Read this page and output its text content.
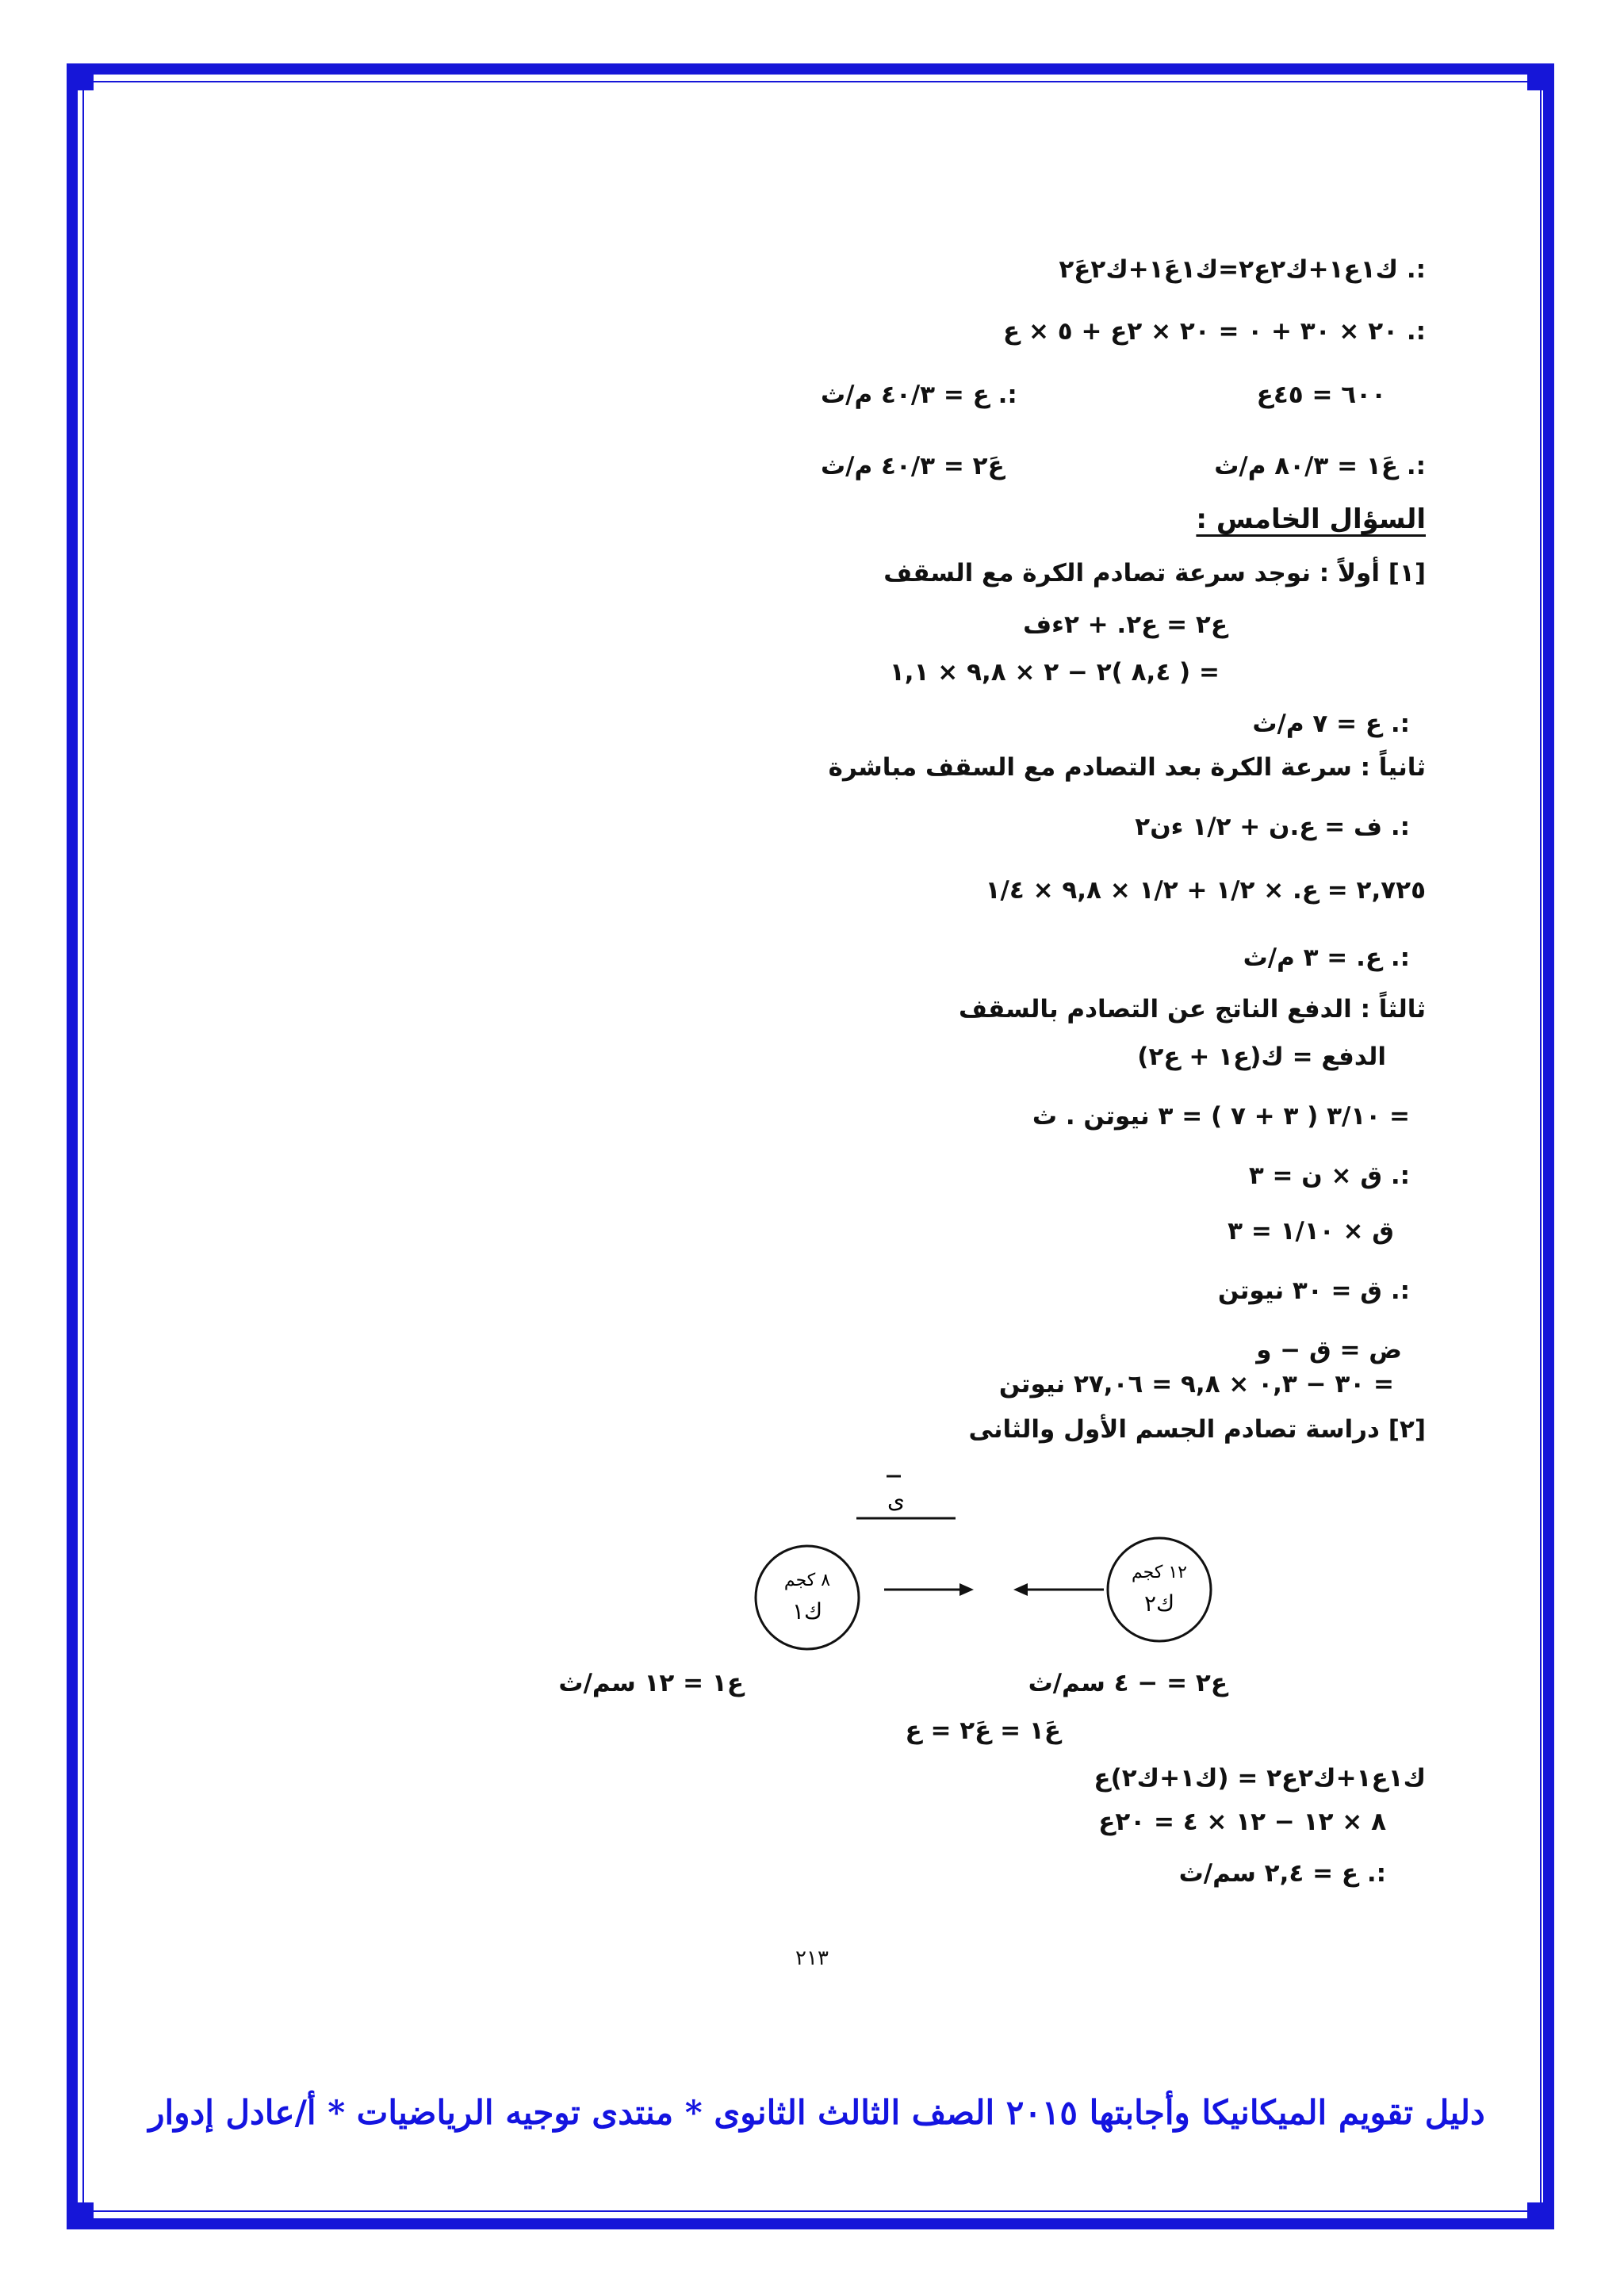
:. ك١ع١+ك٢ع٢=ك١ع١َ+ك٢ع٢َ
:. ٢٠ × ٣٠ + ٠ = ٢٠ × ٢ع + ٥ × ع
٦٠٠ = ٤٥ع
:. ع = ٤٠/٣ م/ث
:. ع١َ = ٨٠/٣ م/ث
ع٢َ = ٤٠/٣ م/ث
السؤال الخامس :
[١] أولاً : نوجد سرعة تصادم الكرة مع السقف
ع٢ = ع٢. + ٢ءف
= ( ٨,٤ )٢ − ٢ × ٩,٨ × ١,١
:. ع = ٧ م/ث
ثانياً : سرعة الكرة بعد التصادم مع السقف مباشرة
:. ف = ع.ن + ١/٢ ءن٢
٢,٧٢٥ = ع. × ١/٢ + ١/٢ × ٩,٨ × ١/٤
:. ع. = ٣ م/ث
ثالثاً : الدفع الناتج عن التصادم بالسقف
الدفع = ك(ع١ + ع٢)
= ٣/١٠ ( ٣ + ٧ ) = ٣ نيوتن . ث
:. ق × ن = ٣
ق × ١/١٠ = ٣
:. ق = ٣٠ نيوتن
ض = ق − و
= ٣٠ − ٠,٣ × ٩,٨ = ٢٧,٠٦ نيوتن
[٢] دراسة تصادم الجسم الأول والثانى
ى
٨ كجم
ك١
١٢ كجم
ك٢
ع١ = ١٢ سم/ث	ع٢ = − ٤ سم/ث
ع١َ = ع٢َ = ع
ك١ع١+ك٢ع٢ = (ك١+ك٢)ع
٨ × ١٢ − ١٢ × ٤ = ٢٠ع
:. ع = ٢,٤ سم/ث
٢١٣
دليل تقويم الميكانيكا وأجابتها ٢٠١٥ الصف الثالث الثانوى * منتدى توجيه الرياضيات * أ/عادل إدوار
